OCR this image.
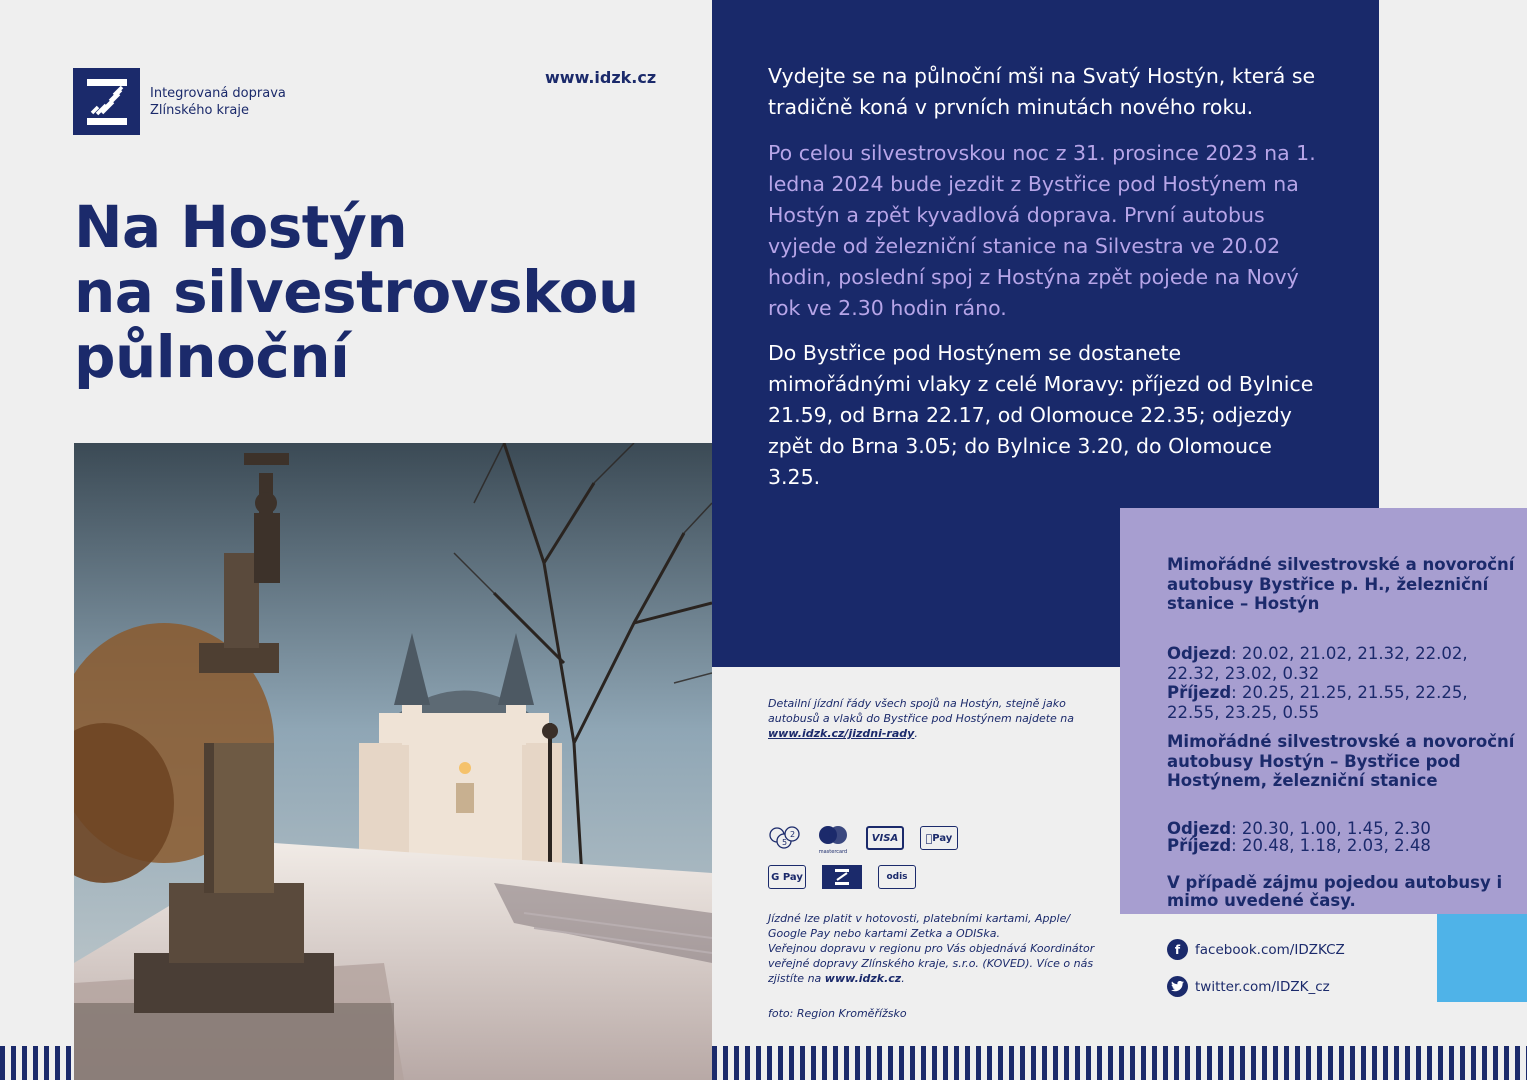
Integrovaná doprava
Zlínského kraje
www.idzk.cz
Na Hostýn
na silvestrovskou
půlnoční

Vydejte se na půlnoční mši na Svatý Hostýn, která se tradičně koná v prvních minutách nového roku.

Po celou silvestrovskou noc z 31. prosince 2023 na 1. ledna 2024 bude jezdit z Bystřice pod Hostýnem na Hostýn a zpět kyvadlová doprava. První autobus vyjede od železniční stanice na Silvestra ve 20.02 hodin, poslední spoj z Hostýna zpět pojede na Nový rok ve 2.30 hodin ráno.

Do Bystřice pod Hostýnem se dostanete mimořádnými vlaky z celé Moravy: příjezd od Bylnice 21.59, od Brna 22.17, od Olomouce 22.35; odjezdy zpět do Brna 3.05; do Bylnice 3.20, do Olomouce 3.25.

Mimořádné silvestrovské a novoroční autobusy Bystřice p. H., železniční stanice – Hostýn
Odjezd: 20.02, 21.02, 21.32, 22.02, 22.32, 23.02, 0.32
Příjezd: 20.25, 21.25, 21.55, 22.25, 22.55, 23.25, 0.55
Mimořádné silvestrovské a novoroční autobusy Hostýn – Bystřice pod Hostýnem, železniční stanice
Odjezd: 20.30, 1.00, 1.45, 2.30
Příjezd: 20.48, 1.18, 2.03, 2.48
V případě zájmu pojedou autobusy i mimo uvedené časy.
Detailní jízdní řády všech spojů na Hostýn, stejně jako autobusů a vlaků do Bystřice pod Hostýnem najdete na www.idzk.cz/jizdni-rady.
5
2
mastercard
VISA	Pay
G Pay	odis
Jízdné lze platit v hotovosti, platebními kartami, Apple/ Google Pay nebo kartami Zetka a ODISka.
Veřejnou dopravu v regionu pro Vás objednává Koordinátor veřejné dopravy Zlínského kraje, s.r.o. (KOVED). Více o nás zjistíte na www.idzk.cz.
foto: Region Kroměřížsko
f	facebook.com/IDZKCZ
twitter.com/IDZK_cz
